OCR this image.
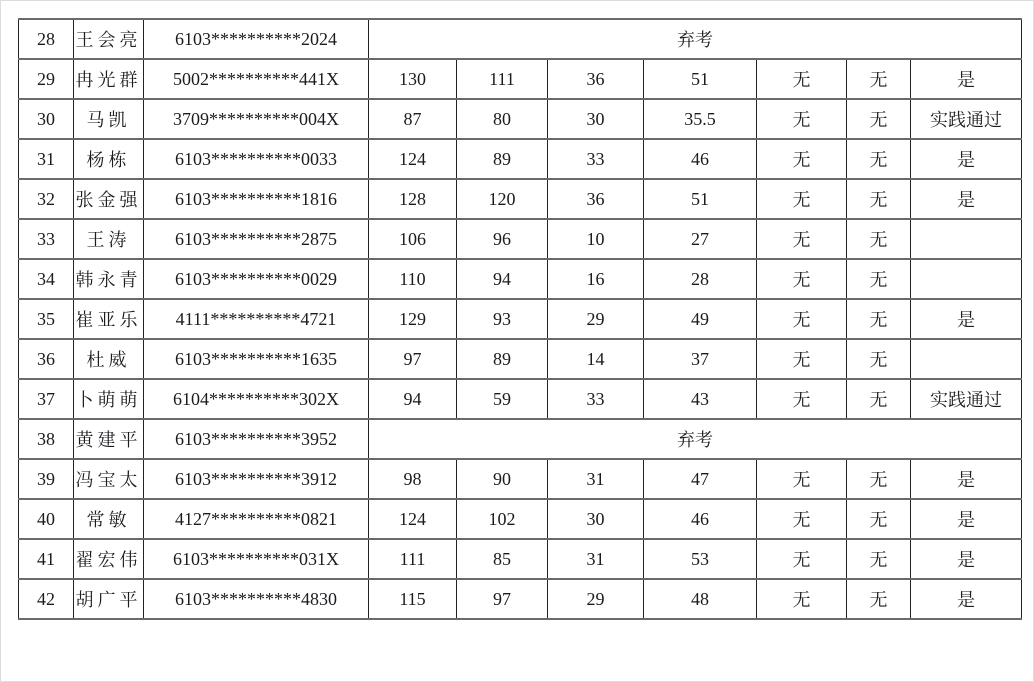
28	王会亮	6103**********2024	弃考						
29	冉光群	5002**********441X	130	111	36	51	无	无	是
30	马凯	3709**********004X	87	80	30	35.5	无	无	实践通过
31	杨栋	6103**********0033	124	89	33	46	无	无	是
32	张金强	6103**********1816	128	120	36	51	无	无	是
33	王涛	6103**********2875	106	96	10	27	无	无	
34	韩永青	6103**********0029	110	94	16	28	无	无	
35	崔亚乐	4111**********4721	129	93	29	49	无	无	是
36	杜威	6103**********1635	97	89	14	37	无	无	
37	卜萌萌	6104**********302X	94	59	33	43	无	无	实践通过
38	黄建平	6103**********3952	弃考						
39	冯宝太	6103**********3912	98	90	31	47	无	无	是
40	常敏	4127**********0821	124	102	30	46	无	无	是
41	翟宏伟	6103**********031X	111	85	31	53	无	无	是
42	胡广平	6103**********4830	115	97	29	48	无	无	是
